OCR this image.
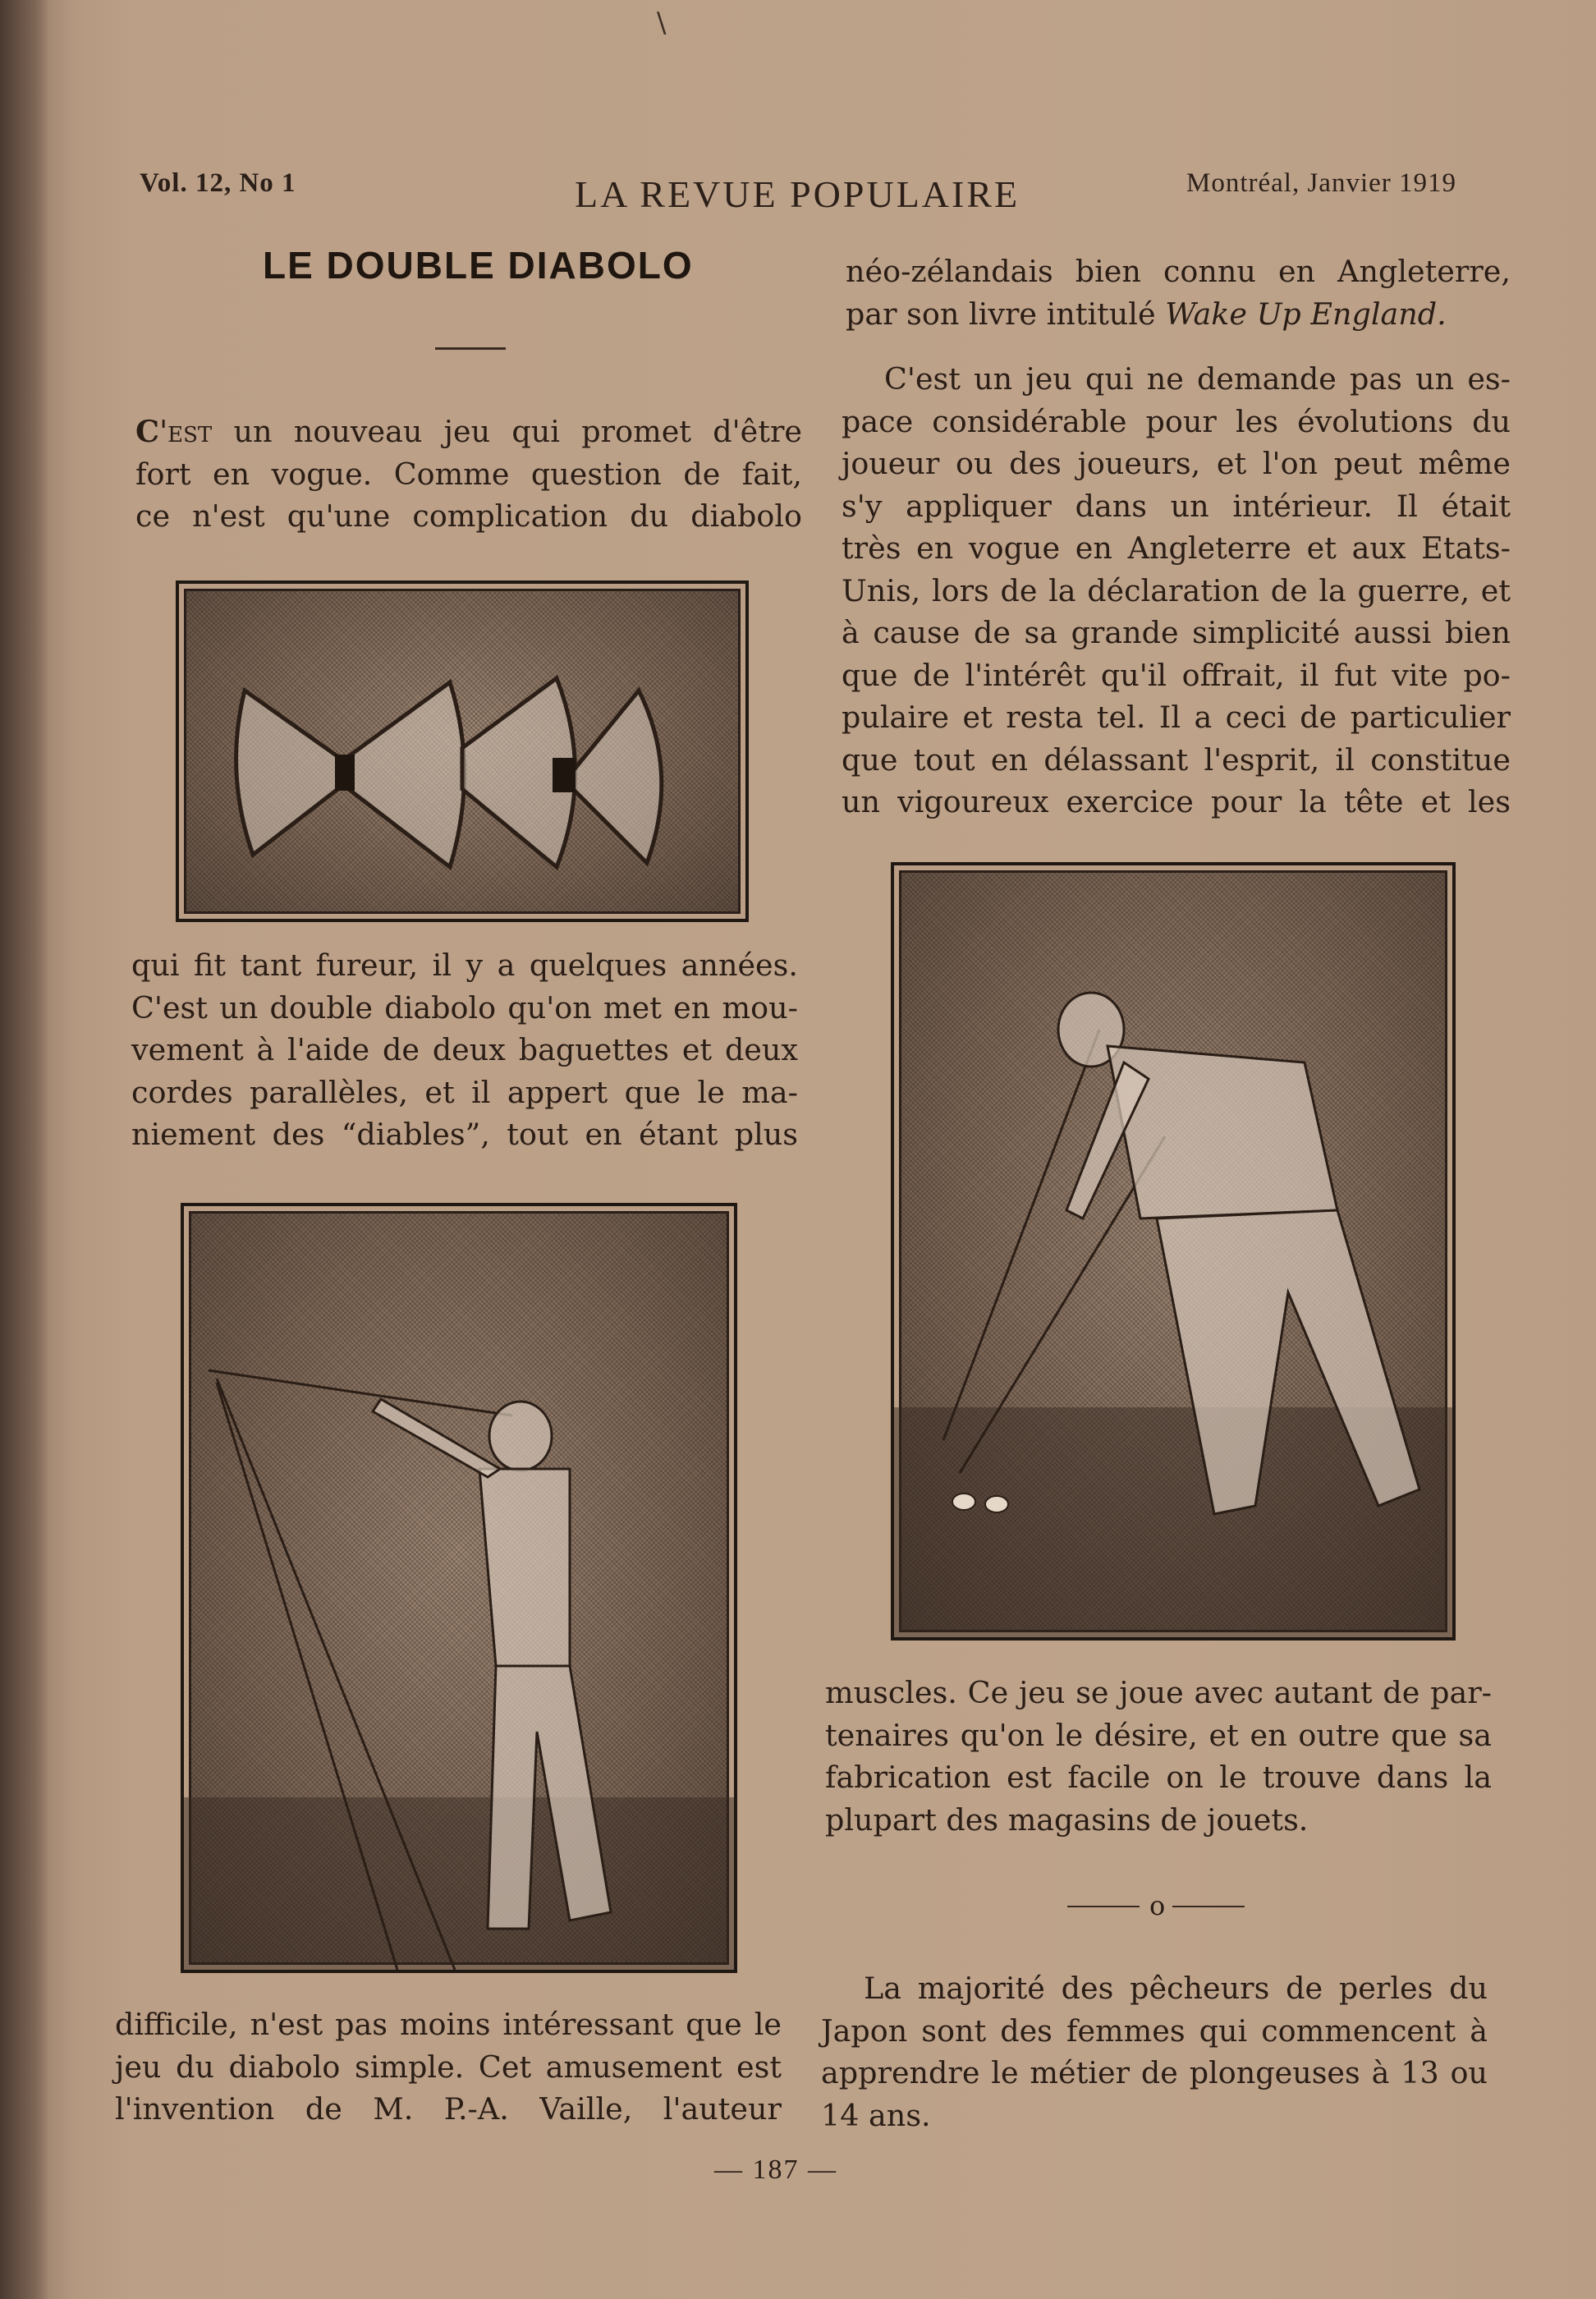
\
Vol. 12, No 1	LA REVUE POPULAIRE	Montréal, Janvier 1919
LE DOUBLE DIABOLO

C'est un nouveau jeu qui promet d'être

fort en vogue. Comme question de fait,

ce n'est qu'une complication du diabolo

qui fit tant fureur, il y a quelques années.

C'est un double diabolo qu'on met en mou-

vement à l'aide de deux baguettes et deux

cordes parallèles, et il appert que le ma-

niement des “diables”, tout en étant plus

difficile, n'est pas moins intéressant que le

jeu du diabolo simple. Cet amusement est

l'invention de M. P.-A. Vaille, l'auteur

néo-zélandais bien connu en Angleterre,

par son livre intitulé Wake Up England.

C'est un jeu qui ne demande pas un es-

pace considérable pour les évolutions du

joueur ou des joueurs, et l'on peut même

s'y appliquer dans un intérieur. Il était

très en vogue en Angleterre et aux Etats-

Unis, lors de la déclaration de la guerre, et

à cause de sa grande simplicité aussi bien

que de l'intérêt qu'il offrait, il fut vite po-

pulaire et resta tel. Il a ceci de particulier

que tout en délassant l'esprit, il constitue

un vigoureux exercice pour la tête et les

muscles. Ce jeu se joue avec autant de par-

tenaires qu'on le désire, et en outre que sa

fabrication est facile on le trouve dans la

plupart des magasins de jouets.

o

La majorité des pêcheurs de perles du

Japon sont des femmes qui commencent à

apprendre le métier de plongeuses à 13 ou

14 ans.

— 187 —
